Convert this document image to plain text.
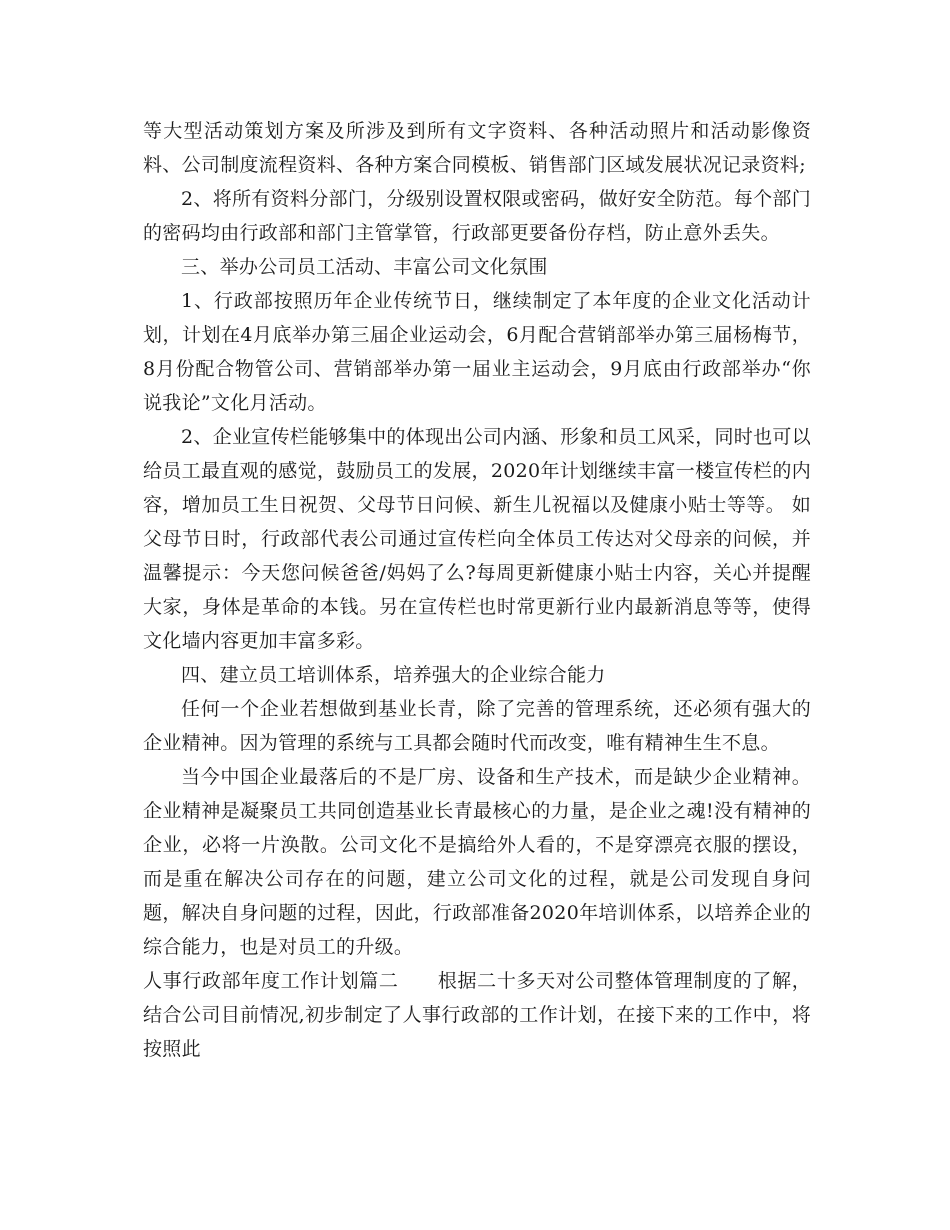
等大型活动策划方案及所涉及到所有文字资料、各种活动照片和活动影像资料、公司制度流程资料、各种方案合同模板、销售部门区域发展状况记录资料;

2、将所有资料分部门，分级别设置权限或密码，做好安全防范。每个部门的密码均由行政部和部门主管掌管，行政部更要备份存档，防止意外丢失。

三、举办公司员工活动、丰富公司文化氛围

1、行政部按照历年企业传统节日，继续制定了本年度的企业文化活动计划，计划在4月底举办第三届企业运动会，6月配合营销部举办第三届杨梅节，8月份配合物管公司、营销部举办第一届业主运动会，9月底由行政部举办“你说我论”文化月活动。

2、企业宣传栏能够集中的体现出公司内涵、形象和员工风采，同时也可以给员工最直观的感觉，鼓励员工的发展，2020年计划继续丰富一楼宣传栏的内容，增加员工生日祝贺、父母节日问候、新生儿祝福以及健康小贴士等等。 如父母节日时，行政部代表公司通过宣传栏向全体员工传达对父母亲的问候，并温馨提示：今天您问候爸爸/妈妈了么?每周更新健康小贴士内容，关心并提醒大家，身体是革命的本钱。另在宣传栏也时常更新行业内最新消息等等，使得文化墙内容更加丰富多彩。

四、建立员工培训体系，培养强大的企业综合能力

任何一个企业若想做到基业长青，除了完善的管理系统，还必须有强大的企业精神。因为管理的系统与工具都会随时代而改变，唯有精神生生不息。

当今中国企业最落后的不是厂房、设备和生产技术，而是缺少企业精神。 企业精神是凝聚员工共同创造基业长青最核心的力量，是企业之魂!没有精神的企业，必将一片涣散。公司文化不是搞给外人看的，不是穿漂亮衣服的摆设，而是重在解决公司存在的问题，建立公司文化的过程，就是公司发现自身问题，解决自身问题的过程，因此，行政部准备2020年培训体系，以培养企业的综合能力，也是对员工的升级。

人事行政部年度工作计划篇二　　根据二十多天对公司整体管理制度的了解，结合公司目前情况,初步制定了人事行政部的工作计划，在接下来的工作中，将按照此
